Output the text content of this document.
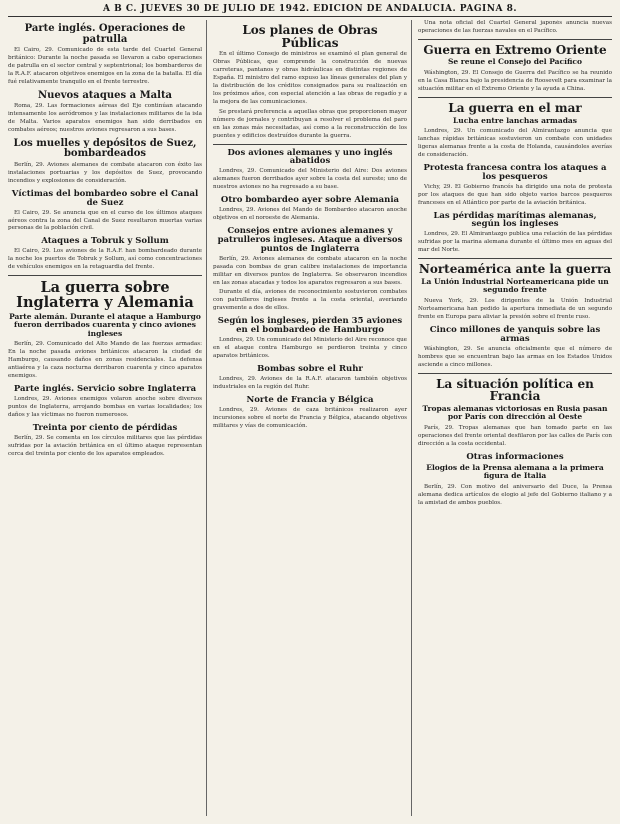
A B C. JUEVES 30 DE JULIO DE 1942. EDICION DE ANDALUCIA. PAGINA 8.
Parte inglés. Operaciones de patrulla

El Cairo, 29. Comunicado de esta tarde del Cuartel General británico: Durante la noche pasada se llevaron a cabo operaciones de patrulla en el sector central y septentrional; los bombarderos de la R.A.F. atacaron objetivos enemigos en la zona de la batalla. El día fué relativamente tranquilo en el frente terrestre.

Nuevos ataques a Malta

Roma, 29. Las formaciones aéreas del Eje continúan atacando intensamente los aeródromos y las instalaciones militares de la isla de Malta. Varios aparatos enemigos han sido derribados en combates aéreos; nuestros aviones regresaron a sus bases.

Los muelles y depósitos de Suez, bombardeados

Berlín, 29. Aviones alemanes de combate atacaron con éxito las instalaciones portuarias y los depósitos de Suez, provocando incendios y explosiones de consideración.

Víctimas del bombardeo sobre el Canal de Suez

El Cairo, 29. Se anuncia que en el curso de los últimos ataques aéreos contra la zona del Canal de Suez resultaron muertas varias personas de la población civil.

Ataques a Tobruk y Sollum

El Cairo, 29. Los aviones de la R.A.F. han bombardeado durante la noche los puertos de Tobruk y Sollum, así como concentraciones de vehículos enemigos en la retaguardia del frente.

La guerra sobre Inglaterra y Alemania
Parte alemán. Durante el ataque a Hamburgo fueron derribados cuarenta y cinco aviones ingleses

Berlín, 29. Comunicado del Alto Mando de las fuerzas armadas: En la noche pasada aviones británicos atacaron la ciudad de Hamburgo, causando daños en zonas residenciales. La defensa antiaérea y la caza nocturna derribaron cuarenta y cinco aparatos enemigos.

Parte inglés. Servicio sobre Inglaterra

Londres, 29. Aviones enemigos volaron anoche sobre diversos puntos de Inglaterra, arrojando bombas en varias localidades; los daños y las víctimas no fueron numerosos.

Treinta por ciento de pérdidas

Berlín, 29. Se comenta en los círculos militares que las pérdidas sufridas por la aviación británica en el último ataque representan cerca del treinta por ciento de los aparatos empleados.

Los planes de Obras Públicas

En el último Consejo de ministros se examinó el plan general de Obras Públicas, que comprende la construcción de nuevas carreteras, pantanos y obras hidráulicas en distintas regiones de España. El ministro del ramo expuso las líneas generales del plan y la distribución de los créditos consignados para su realización en los próximos años, con especial atención a las obras de regadío y a la mejora de las comunicaciones.

Se prestará preferencia a aquellas obras que proporcionen mayor número de jornales y contribuyan a resolver el problema del paro en las zonas más necesitadas, así como a la reconstrucción de los puentes y edificios destruídos durante la guerra.

Dos aviones alemanes y uno inglés abatidos

Londres, 29. Comunicado del Ministerio del Aire: Dos aviones alemanes fueron derribados ayer sobre la costa del sureste; uno de nuestros aviones no ha regresado a su base.

Otro bombardeo ayer sobre Alemania

Londres, 29. Aviones del Mando de Bombardeo atacaron anoche objetivos en el noroeste de Alemania.

Consejos entre aviones alemanes y patrulleros ingleses. Ataque a diversos puntos de Inglaterra

Berlín, 29. Aviones alemanes de combate atacaron en la noche pasada con bombas de gran calibre instalaciones de importancia militar en diversos puntos de Inglaterra. Se observaron incendios en las zonas atacadas y todos los aparatos regresaron a sus bases.

Durante el día, aviones de reconocimiento sostuvieron combates con patrulleros ingleses frente a la costa oriental, averiando gravemente a dos de ellos.

Según los ingleses, pierden 35 aviones en el bombardeo de Hamburgo

Londres, 29. Un comunicado del Ministerio del Aire reconoce que en el ataque contra Hamburgo se perdieron treinta y cinco aparatos británicos.

Bombas sobre el Ruhr

Londres, 29. Aviones de la R.A.F. atacaron también objetivos industriales en la región del Ruhr.

Norte de Francia y Bélgica

Londres, 29. Aviones de caza británicos realizaron ayer incursiones sobre el norte de Francia y Bélgica, atacando objetivos militares y vías de comunicación.

Una nota oficial del Cuartel General japonés anuncia nuevas operaciones de las fuerzas navales en el Pacífico.

Guerra en Extremo Oriente
Se reune el Consejo del Pacífico

Wáshington, 29. El Consejo de Guerra del Pacífico se ha reunido en la Casa Blanca bajo la presidencia de Roosevelt para examinar la situación militar en el Extremo Oriente y la ayuda a China.

La guerra en el mar
Lucha entre lanchas armadas

Londres, 29. Un comunicado del Almirantazgo anuncia que lanchas rápidas británicas sostuvieron un combate con unidades ligeras alemanas frente a la costa de Holanda, causándoles averías de consideración.

Protesta francesa contra los ataques a los pesqueros

Vichy, 29. El Gobierno francés ha dirigido una nota de protesta por los ataques de que han sido objeto varios barcos pesqueros franceses en el Atlántico por parte de la aviación británica.

Las pérdidas marítimas alemanas, según los ingleses

Londres, 29. El Almirantazgo publica una relación de las pérdidas sufridas por la marina alemana durante el último mes en aguas del mar del Norte.

Norteamérica ante la guerra
La Unión Industrial Norteamericana pide un segundo frente

Nueva York, 29. Los dirigentes de la Unión Industrial Norteamericana han pedido la apertura inmediata de un segundo frente en Europa para aliviar la presión sobre el frente ruso.

Cinco millones de yanquis sobre las armas

Wáshington, 29. Se anuncia oficialmente que el número de hombres que se encuentran bajo las armas en los Estados Unidos asciende a cinco millones.

La situación política en Francia
Tropas alemanas victoriosas en Rusia pasan por París con dirección al Oeste

París, 29. Tropas alemanas que han tomado parte en las operaciones del frente oriental desfilaron por las calles de París con dirección a la costa occidental.

Otras informaciones
Elogios de la Prensa alemana a la primera figura de Italia

Berlín, 29. Con motivo del aniversario del Duce, la Prensa alemana dedica artículos de elogio al jefe del Gobierno italiano y a la amistad de ambos pueblos.
